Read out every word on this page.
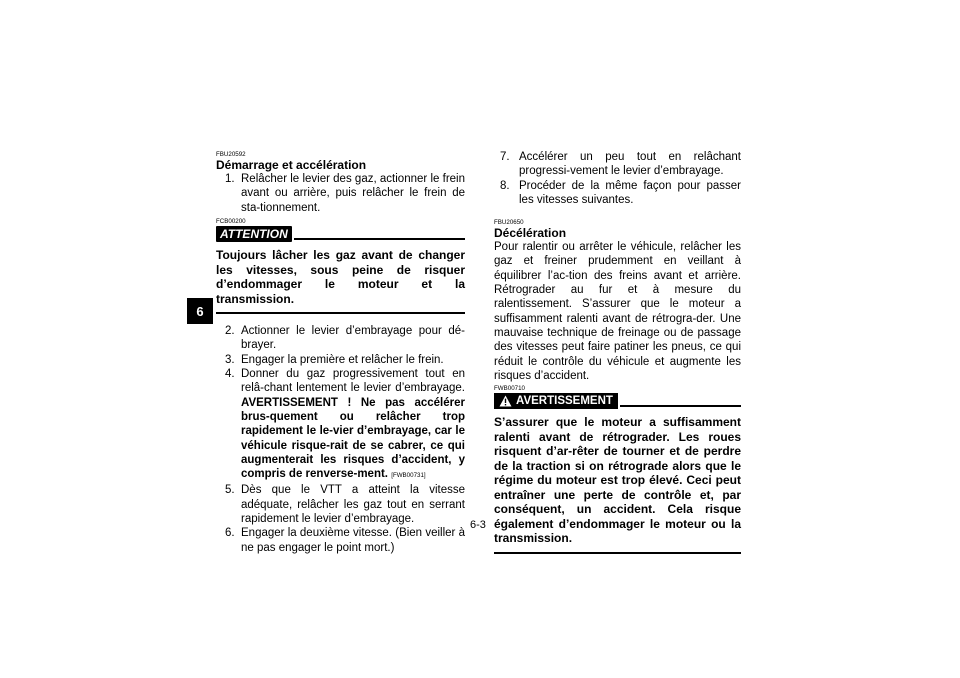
6
FBU20592
Démarrage et accélération
1. Relâcher le levier des gaz, actionner le frein avant ou arrière, puis relâcher le frein de sta-tionnement.
FCB00200
ATTENTION
Toujours lâcher les gaz avant de changer les vitesses, sous peine de risquer d’endommager le moteur et la transmission.
2. Actionner le levier d’embrayage pour dé-brayer.
3. Engager la première et relâcher le frein.
4. Donner du gaz progressivement tout en relâ-chant lentement le levier d’embrayage. AVERTISSEMENT ! Ne pas accélérer brus-quement ou relâcher trop rapidement le le-vier d’embrayage, car le véhicule risque-rait de se cabrer, ce qui augmenterait les risques d’accident, y compris de renverse-ment. [FWB00731]
5. Dès que le VTT a atteint la vitesse adéquate, relâcher les gaz tout en serrant rapidement le levier d’embrayage.
6. Engager la deuxième vitesse. (Bien veiller à ne pas engager le point mort.)
7. Accélérer un peu tout en relâchant progressi-vement le levier d’embrayage.
8. Procéder de la même façon pour passer les vitesses suivantes.
FBU20650
Décélération
Pour ralentir ou arrêter le véhicule, relâcher les gaz et freiner prudemment en veillant à équilibrer l’ac-tion des freins avant et arrière. Rétrograder au fur et à mesure du ralentissement. S’assurer que le moteur a suffisamment ralenti avant de rétrogra-der. Une mauvaise technique de freinage ou de passage des vitesses peut faire patiner les pneus, ce qui réduit le contrôle du véhicule et augmente les risques d’accident.
FWB00710
AVERTISSEMENT
S’assurer que le moteur a suffisamment ralenti avant de rétrograder. Les roues risquent d’ar-rêter de tourner et de perdre de la traction si on rétrograde alors que le régime du moteur est trop élevé. Ceci peut entraîner une perte de contrôle et, par conséquent, un accident. Cela risque également d’endommager le moteur ou la transmission.
6-3
